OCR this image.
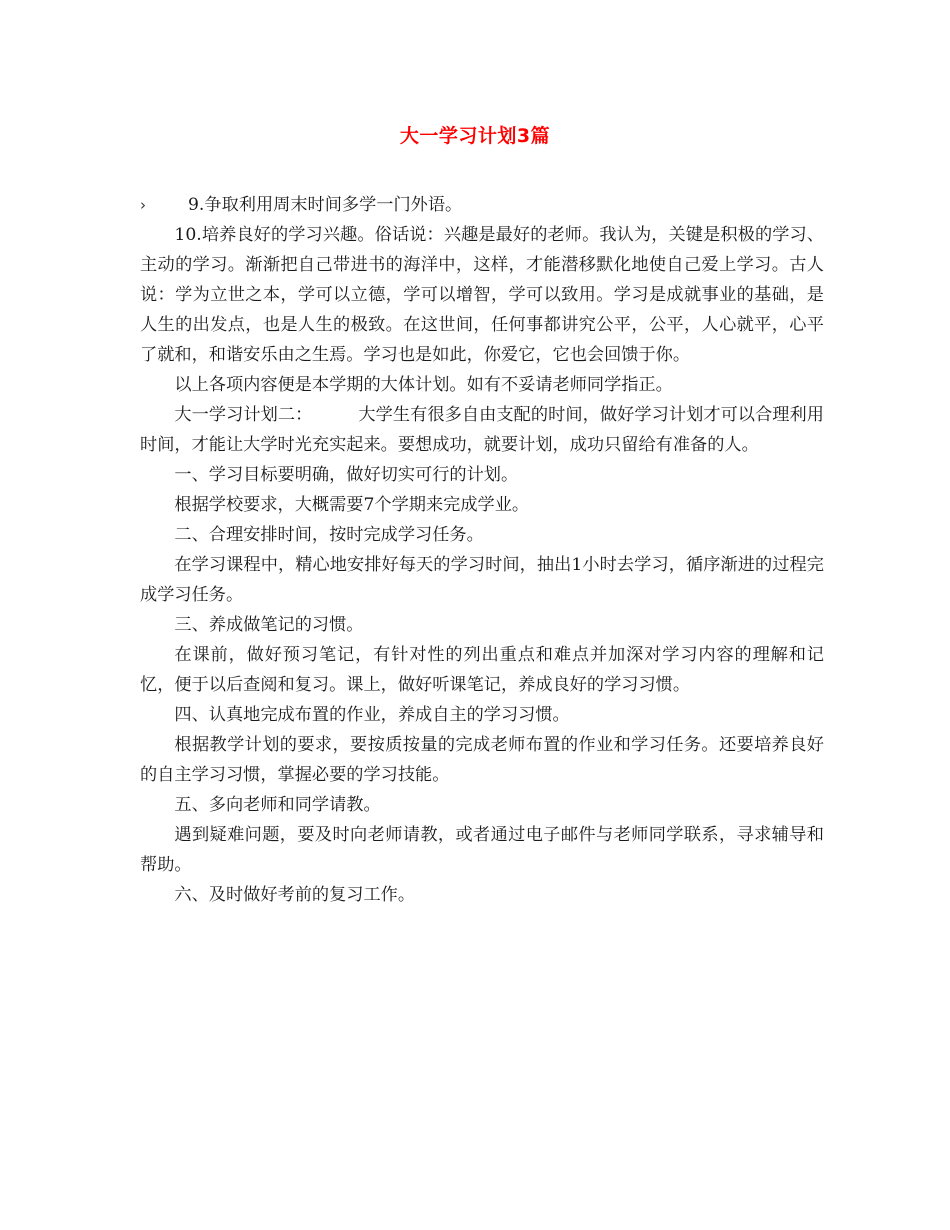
大一学习计划3篇
›	9.争取利用周末时间多学一门外语。

10.培养良好的学习兴趣。俗话说：兴趣是最好的老师。我认为，关键是积极的学习、主动的学习。渐渐把自己带进书的海洋中，这样，才能潜移默化地使自己爱上学习。古人说：学为立世之本，学可以立德，学可以增智，学可以致用。学习是成就事业的基础，是人生的出发点，也是人生的极致。在这世间，任何事都讲究公平，公平，人心就平，心平了就和，和谐安乐由之生焉。学习也是如此，你爱它，它也会回馈于你。

以上各项内容便是本学期的大体计划。如有不妥请老师同学指正。

大一学习计划二：	大学生有很多自由支配的时间，做好学习计划才可以合理利用时间，才能让大学时光充实起来。要想成功，就要计划，成功只留给有准备的人。

一、学习目标要明确，做好切实可行的计划。

根据学校要求，大概需要7个学期来完成学业。

二、合理安排时间，按时完成学习任务。

在学习课程中，精心地安排好每天的学习时间，抽出1小时去学习，循序渐进的过程完成学习任务。

三、养成做笔记的习惯。

在课前，做好预习笔记，有针对性的列出重点和难点并加深对学习内容的理解和记忆，便于以后查阅和复习。课上，做好听课笔记，养成良好的学习习惯。

四、认真地完成布置的作业，养成自主的学习习惯。

根据教学计划的要求，要按质按量的完成老师布置的作业和学习任务。还要培养良好的自主学习习惯，掌握必要的学习技能。

五、多向老师和同学请教。

遇到疑难问题，要及时向老师请教，或者通过电子邮件与老师同学联系，寻求辅导和帮助。

六、及时做好考前的复习工作。
